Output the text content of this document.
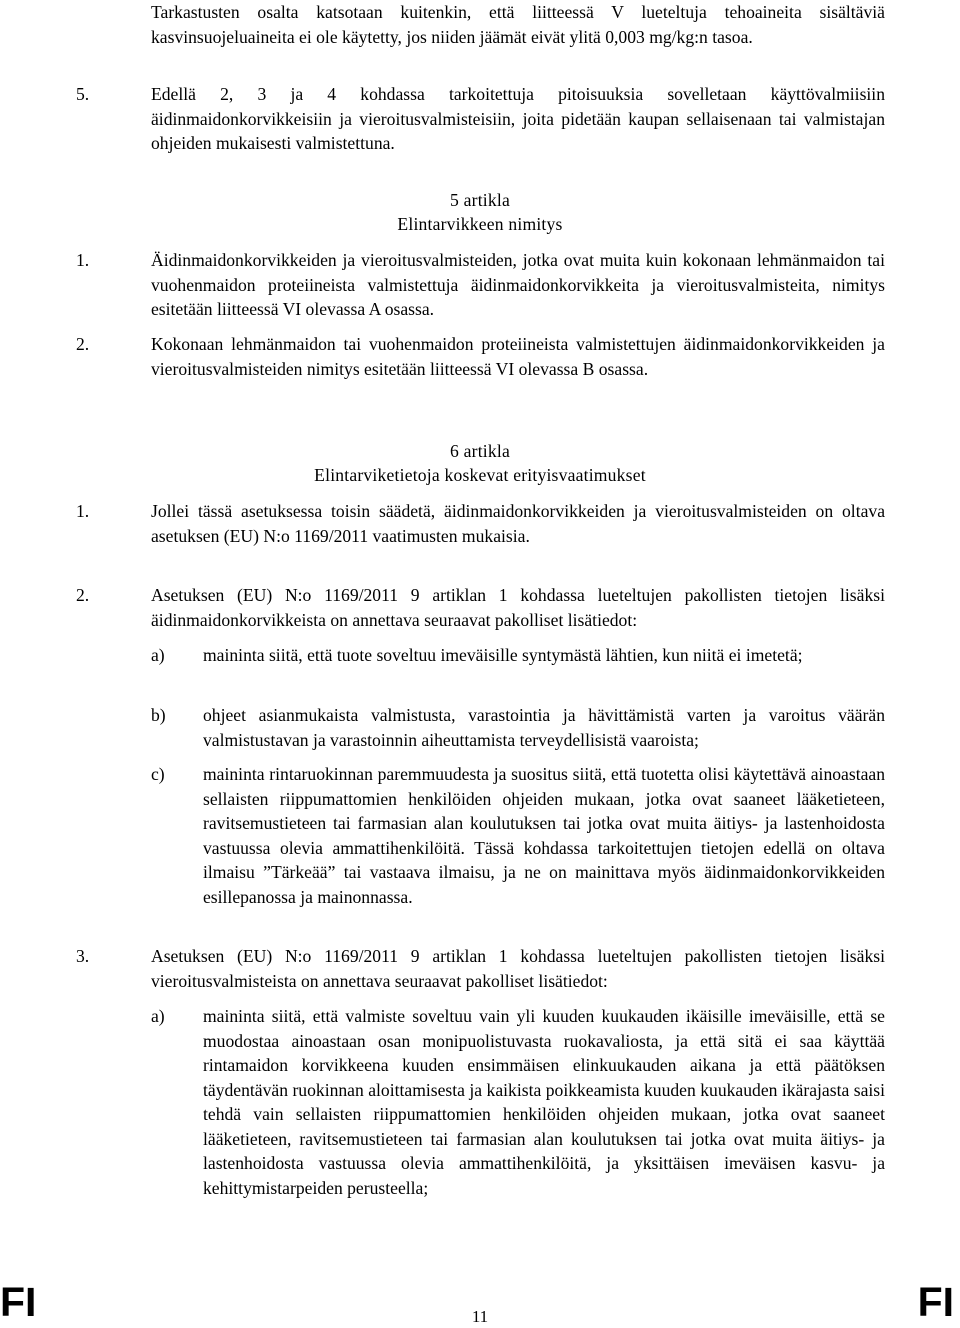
Tarkastusten osalta katsotaan kuitenkin, että liitteessä V lueteltuja tehoaineita sisältäviä kasvinsuojeluaineita ei ole käytetty, jos niiden jäämät eivät ylitä 0,003 mg/kg:n tasoa.
5.	Edellä 2, 3 ja 4 kohdassa tarkoitettuja pitoisuuksia sovelletaan käyttövalmiisiin äidinmaidonkorvikkeisiin ja vieroitusvalmisteisiin, joita pidetään kaupan sellaisenaan tai valmistajan ohjeiden mukaisesti valmistettuna.
5 artikla
Elintarvikkeen nimitys
1.	Äidinmaidonkorvikkeiden ja vieroitusvalmisteiden, jotka ovat muita kuin kokonaan lehmänmaidon tai vuohenmaidon proteiineista valmistettuja äidinmaidonkorvikkeita ja vieroitusvalmisteita, nimitys esitetään liitteessä VI olevassa A osassa.
2.	Kokonaan lehmänmaidon tai vuohenmaidon proteiineista valmistettujen äidinmaidonkorvikkeiden ja vieroitusvalmisteiden nimitys esitetään liitteessä VI olevassa B osassa.
6 artikla
Elintarviketietoja koskevat erityisvaatimukset
1.	Jollei tässä asetuksessa toisin säädetä, äidinmaidonkorvikkeiden ja vieroitusvalmisteiden on oltava asetuksen (EU) N:o 1169/2011 vaatimusten mukaisia.
2.	Asetuksen (EU) N:o 1169/2011 9 artiklan 1 kohdassa lueteltujen pakollisten tietojen lisäksi äidinmaidonkorvikkeista on annettava seuraavat pakolliset lisätiedot:
a) maininta siitä, että tuote soveltuu imeväisille syntymästä lähtien, kun niitä ei imetetä;
b) ohjeet asianmukaista valmistusta, varastointia ja hävittämistä varten ja varoitus väärän valmistustavan ja varastoinnin aiheuttamista terveydellisistä vaaroista;
c) maininta rintaruokinnan paremmuudesta ja suositus siitä, että tuotetta olisi käytettävä ainoastaan sellaisten riippumattomien henkilöiden ohjeiden mukaan, jotka ovat saaneet lääketieteen, ravitsemustieteen tai farmasian alan koulutuksen tai jotka ovat muita äitiys- ja lastenhoidosta vastuussa olevia ammattihenkilöitä. Tässä kohdassa tarkoitettujen tietojen edellä on oltava ilmaisu ”Tärkeää” tai vastaava ilmaisu, ja ne on mainittava myös äidinmaidonkorvikkeiden esillepanossa ja mainonnassa.
3.	Asetuksen (EU) N:o 1169/2011 9 artiklan 1 kohdassa lueteltujen pakollisten tietojen lisäksi vieroitusvalmisteista on annettava seuraavat pakolliset lisätiedot:
a) maininta siitä, että valmiste soveltuu vain yli kuuden kuukauden ikäisille imeväisille, että se muodostaa ainoastaan osan monipuolistuvasta ruokavaliosta, ja että sitä ei saa käyttää rintamaidon korvikkeena kuuden ensimmäisen elinkuukauden aikana ja että päätöksen täydentävän ruokinnan aloittamisesta ja kaikista poikkeamista kuuden kuukauden ikärajasta saisi tehdä vain sellaisten riippumattomien henkilöiden ohjeiden mukaan, jotka ovat saaneet lääketieteen, ravitsemustieteen tai farmasian alan koulutuksen tai jotka ovat muita äitiys- ja lastenhoidosta vastuussa olevia ammattihenkilöitä, ja yksittäisen imeväisen kasvu- ja kehittymistarpeiden perusteella;
FI	11	FI
